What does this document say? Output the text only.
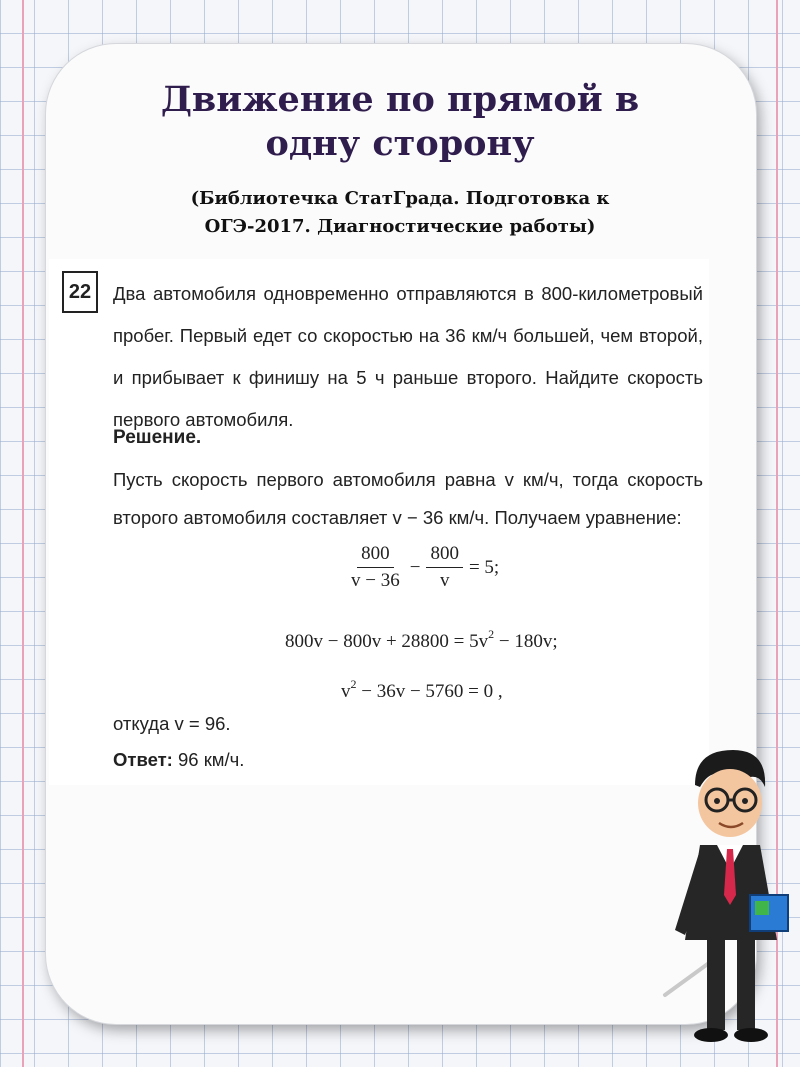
Движение по прямой в
одну сторону

(Библиотечка СтатГрада. Подготовка к
ОГЭ-2017. Диагностические работы)

22	Два автомобиля одновременно отправляются в 800-километровый пробег. Первый едет со скоростью на 36 км/ч большей, чем второй, и прибывает к финишу на 5 ч раньше второго. Найдите скорость первого автомобиля.

Решение.

Пусть скорость первого автомобиля равна v км/ч, тогда скорость второго автомобиля составляет v − 36 км/ч. Получаем уравнение:

$\frac{800}{v - 36} - \frac{800}{v} = 5$;

$800v - 800v + 28800 = 5v^2 - 180v$;

$v^2 - 36v - 5760 = 0$ ,

откуда v = 96.

Ответ: 96 км/ч.
